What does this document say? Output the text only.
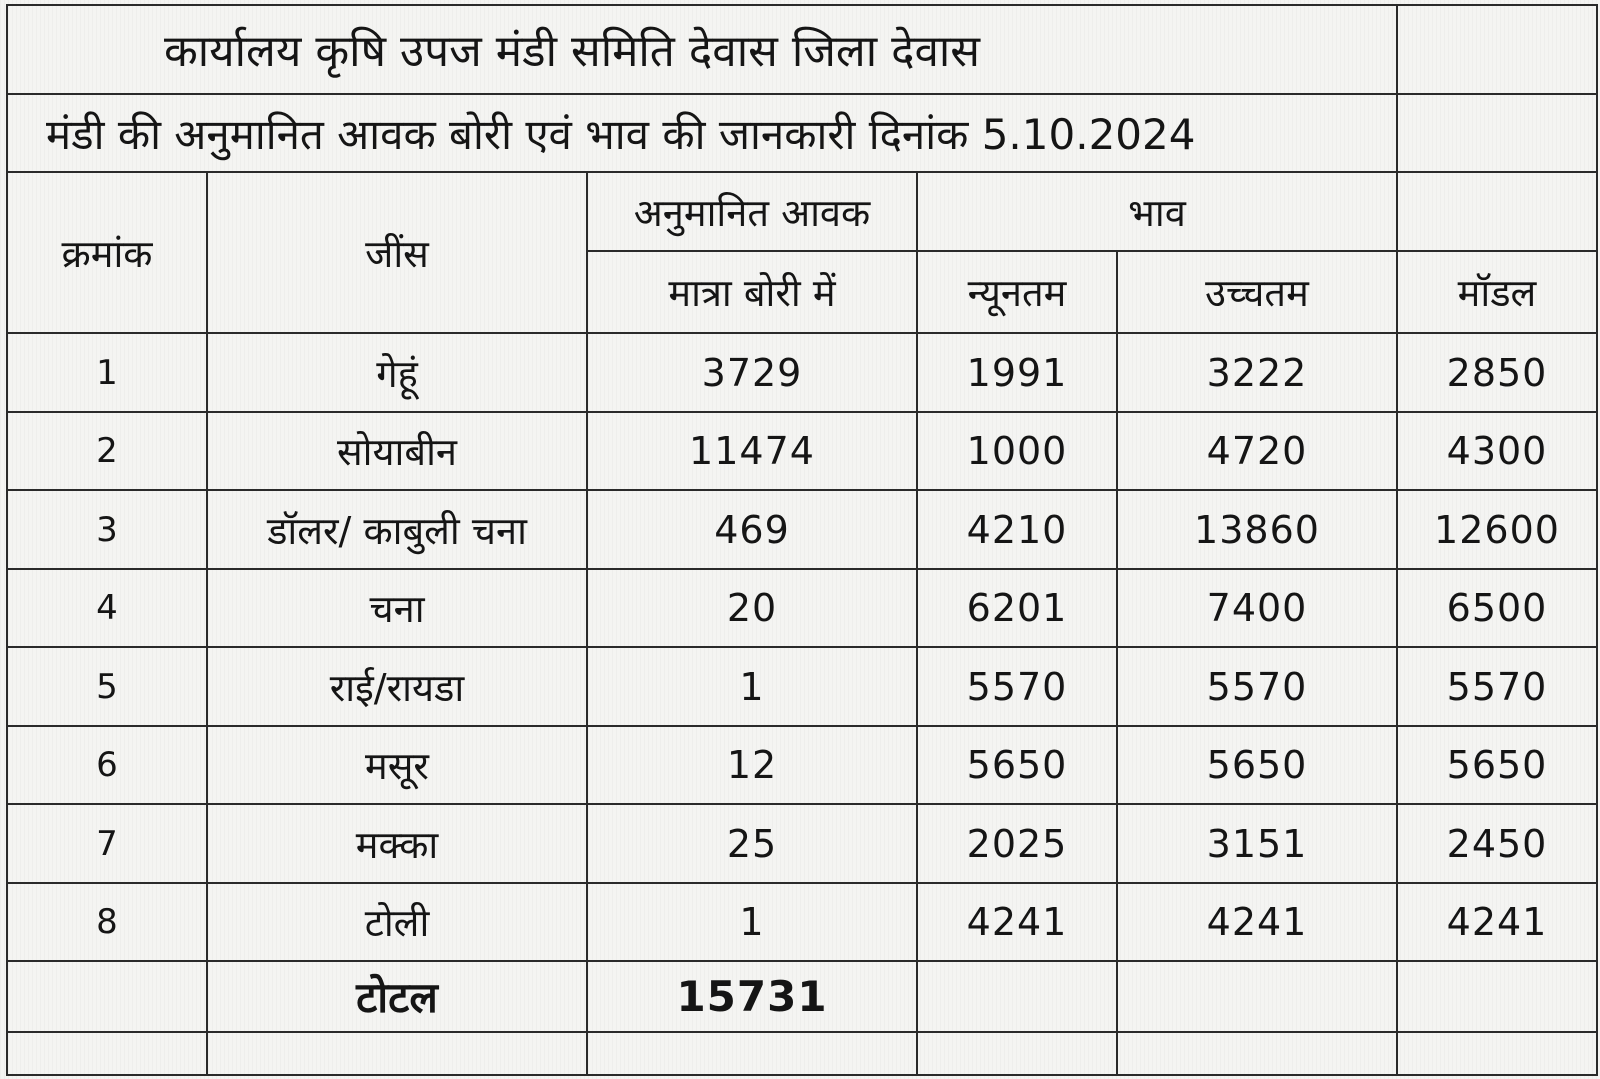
कार्यालय कृषि उपज मंडी समिति देवास जिला देवास					
मंडी की अनुमानित आवक बोरी एवं भाव की जानकारी दिनांक 5.10.2024					
क्रमांक	जींस	अनुमानित आवक	भाव		
		मात्रा बोरी में	न्यूनतम	उच्चतम	मॉडल
1	गेहूं	3729	1991	3222	2850
2	सोयाबीन	11474	1000	4720	4300
3	डॉलर/ काबुली चना	469	4210	13860	12600
4	चना	20	6201	7400	6500
5	राई/रायडा	1	5570	5570	5570
6	मसूर	12	5650	5650	5650
7	मक्का	25	2025	3151	2450
8	टोली	1	4241	4241	4241
	टोटल	15731			
